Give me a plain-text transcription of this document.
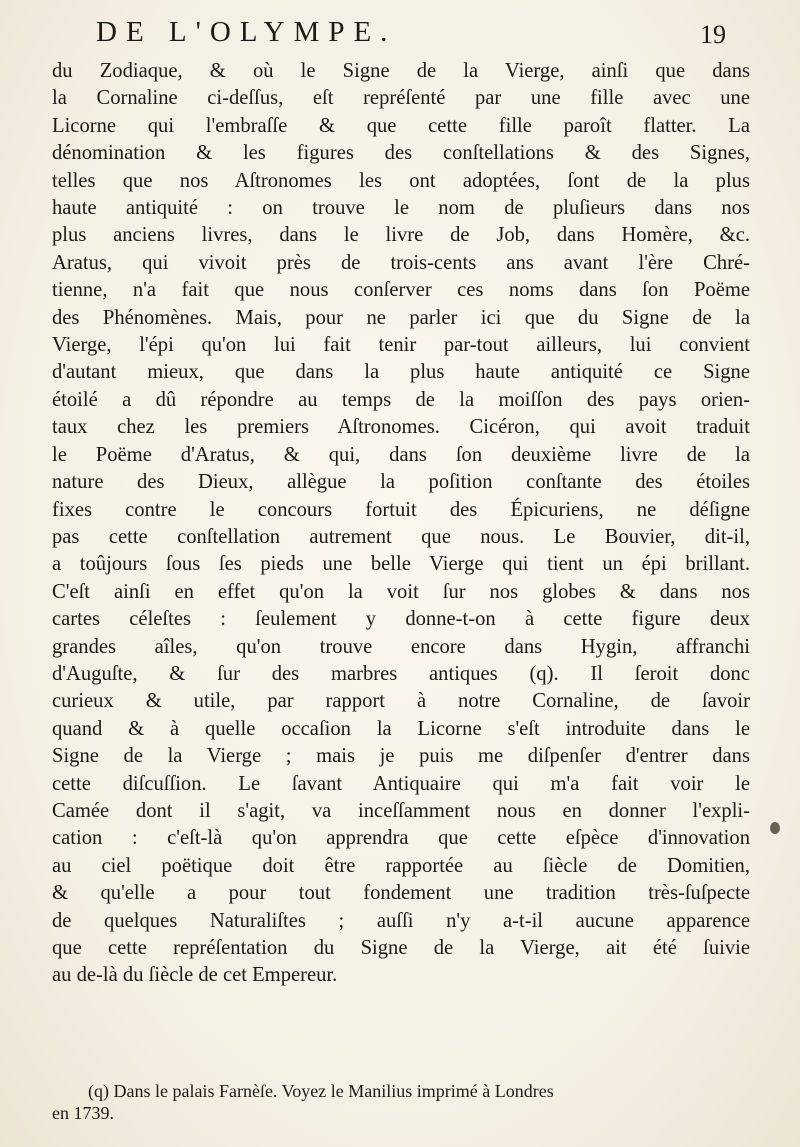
DE L'OLYMPE.	19
du Zodiaque, & où le Signe de la Vierge, ainſi que dans
la Cornaline ci-deſſus, eſt repréſenté par une fille avec une
Licorne qui l'embraſſe & que cette fille paroît flatter. La
dénomination & les figures des conſtellations & des Signes,
telles que nos Aſtronomes les ont adoptées, ſont de la plus
haute antiquité : on trouve le nom de pluſieurs dans nos
plus anciens livres, dans le livre de Job, dans Homère, &c.
Aratus, qui vivoit près de trois-cents ans avant l'ère Chré-
tienne, n'a fait que nous conſerver ces noms dans ſon Poëme
des Phénomènes. Mais, pour ne parler ici que du Signe de la
Vierge, l'épi qu'on lui fait tenir par-tout ailleurs, lui convient
d'autant mieux, que dans la plus haute antiquité ce Signe
étoilé a dû répondre au temps de la moiſſon des pays orien-
taux chez les premiers Aſtronomes. Cicéron, qui avoit traduit
le Poëme d'Aratus, & qui, dans ſon deuxième livre de la
nature des Dieux, allègue la poſition conſtante des étoiles
fixes contre le concours fortuit des Épicuriens, ne déſigne
pas cette conſtellation autrement que nous. Le Bouvier, dit-il,
a toûjours ſous ſes pieds une belle Vierge qui tient un épi brillant.
C'eſt ainſi en effet qu'on la voit ſur nos globes & dans nos
cartes céleſtes : ſeulement y donne-t-on à cette figure deux
grandes aîles, qu'on trouve encore dans Hygin, affranchi
d'Auguſte, & ſur des marbres antiques (q). Il ſeroit donc
curieux & utile, par rapport à notre Cornaline, de ſavoir
quand & à quelle occaſion la Licorne s'eſt introduite dans le
Signe de la Vierge ; mais je puis me diſpenſer d'entrer dans
cette diſcuſſion. Le ſavant Antiquaire qui m'a fait voir le
Camée dont il s'agit, va inceſſamment nous en donner l'expli-
cation : c'eſt-là qu'on apprendra que cette eſpèce d'innovation
au ciel poëtique doit être rapportée au ſiècle de Domitien,
& qu'elle a pour tout fondement une tradition très-ſuſpecte
de quelques Naturaliſtes ; auſſi n'y a-t-il aucune apparence
que cette repréſentation du Signe de la Vierge, ait été ſuivie
au de-là du ſiècle de cet Empereur.
(q) Dans le palais Farnèſe. Voyez le Manilius imprimé à Londres
en 1739.
